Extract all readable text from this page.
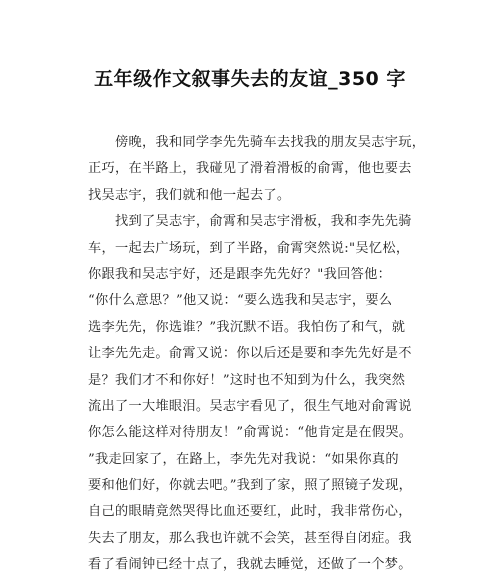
五年级作文叙事失去的友谊_350 字
傍晚，我和同学李先先骑车去找我的朋友吴志宇玩，
正巧，在半路上，我碰见了滑着滑板的俞霄，他也要去
找吴志宇，我们就和他一起去了。
找到了吴志宇，俞霄和吴志宇滑板，我和李先先骑
车，一起去广场玩，到了半路，俞霄突然说:"吴忆松，
你跟我和吴志宇好，还是跟李先先好？"我回答他：
“你什么意思？”他又说：“要么选我和吴志宇，要么
选李先先，你选谁？”我沉默不语。我怕伤了和气，就
让李先先走。俞霄又说：你以后还是要和李先先好是不
是？我们才不和你好！”这时也不知到为什么，我突然
流出了一大堆眼泪。吴志宇看见了，很生气地对俞霄说
你怎么能这样对待朋友！”俞霄说：“他肯定是在假哭。
”我走回家了，在路上，李先先对我说：“如果你真的
要和他们好，你就去吧。”我到了家，照了照镜子发现，
自己的眼睛竟然哭得比血还要红，此时，我非常伤心，
失去了朋友，那么我也许就不会笑，甚至得自闭症。我
看了看闹钟已经十点了，我就去睡觉，还做了一个梦。
